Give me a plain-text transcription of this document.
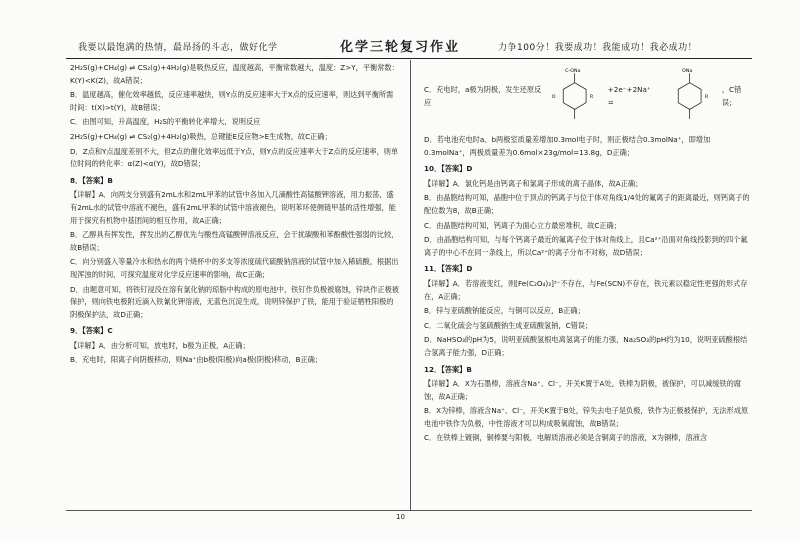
我要以最饱满的热情，最昂扬的斗志，做好化学	化学三轮复习作业	力争100分！我要成功！我能成功！我必成功！

2H₂S(g)+CH₄(g) ⇌ CS₂(g)+4H₂(g)是吸热反应，温度越高，平衡常数越大，温度：Z>Y，平衡常数：K(Y)<K(Z)，故A错误；

B．温度越高，催化效率越低，反应速率越快，则Y点的反应速率大于X点的反应速率，则达到平衡所需时间：t(X)>t(Y)，故B错误；

C．由图可知，升高温度，H₂S的平衡转化率增大，说明反应

2H₂S(g)+CH₄(g) ⇌ CS₂(g)+4H₂(g)吸热，总键能E反应物>E生成物，故C正确；

D．Z点和Y点温度差别不大，但Z点的催化效率远低于Y点，则Y点的反应速率大于Z点的反应速率，则单位时间的转化率：α(Z)<α(Y)，故D错误；

8．【答案】B

【详解】A．向两支分别盛有2mL水和2mL甲苯的试管中各加入几滴酸性高锰酸钾溶液，用力振荡，盛有2mL水的试管中溶液不褪色，盛有2mL甲苯的试管中溶液褪色，说明苯环使侧链甲基的活性增强，能用于探究有机物中基团间的相互作用，故A正确；

B．乙醇具有挥发性，挥发出的乙醇优先与酸性高锰酸钾溶液反应，会干扰碳酸和苯酚酸性强弱的比较，故B错误；

C．向分别盛入等量冷水和热水的两个烧杯中的多支等浓度硫代硫酸钠溶液的试管中加入稀硫酸，根据出现浑浊的时间，可探究温度对化学反应速率的影响，故C正确；

D．由题意可知，将铁钉浸没在溶有氯化钠的琼脂中构成的原电池中，铁钉作负极被腐蚀，锌块作正极被保护，则向铁电极附近滴入铁氰化钾溶液，无蓝色沉淀生成，说明锌保护了铁，能用于验证牺牲阳极的阴极保护法，故D正确；

9．【答案】C

【详解】A．由分析可知，放电时，b极为正极，A正确；

B．充电时，阳离子向阴极移动，则Na⁺由b极(阳极)向a极(阴极)移动，B正确；

C．充电时，a极为阴极，发生还原反应
C-ONa
O	R
+2e⁻+2Na⁺ =
ONa
R
，C错误；

D．若电池充电时a、b两极室质量差增加0.3mol电子时，则正极结合0.3molNa⁺，即增加0.3molNa⁺，两极质量差为0.6mol×23g/mol=13.8g，D正确；

10．【答案】D

【详解】A．氯化钙是由钙离子和氯离子形成的离子晶体，故A正确；

B．由晶胞结构可知，晶胞中位于顶点的钙离子与位于体对角线1/4处的氟离子的距离最近，则钙离子的配位数为8，故B正确；

C．由晶胞结构可知，钙离子为面心立方最密堆积，故C正确；

D．由晶胞结构可知，与每个钙离子最近的氟离子位于体对角线上，且Ca²⁺沿面对角线投影到的四个氟离子的中心不在同一条线上，所以Ca²⁺的离子分布不对称，故D错误；

11．【答案】D

【详解】A．若溶液变红，则[Fe(C₂O₄)₃]³⁻不存在，与Fe(SCN)不存在，铁元素以稳定性更强的形式存在，A正确；

B．锌与亚硫酸钠能反应，与铜可以反应，B正确；

C．二氧化硫会与氢硫酸钠生成亚硫酸氢钠，C错误；

D．NaHSO₃的pH为5，说明亚硫酸氢根电离氢离子的能力强，Na₂SO₃的pH约为10，说明亚硫酸根结合氢离子能力强，D正确；

12．【答案】B

【详解】A．X为石墨棒，溶液含Na⁺、Cl⁻，开关K置于A处，铁棒为阴极，被保护，可以减缓铁的腐蚀，故A正确；

B．X为锌棒，溶液含Na⁺、Cl⁻，开关K置于B处，锌失去电子是负极，铁作为正极被保护，无法形成原电池中铁作为负极，中性溶液才可以构成吸氧腐蚀，故B错误；

C．在铁棒上镀铜，铜棒要与阳极，电解质溶液必须是含铜离子的溶液，X为铜棒，溶液含

10
